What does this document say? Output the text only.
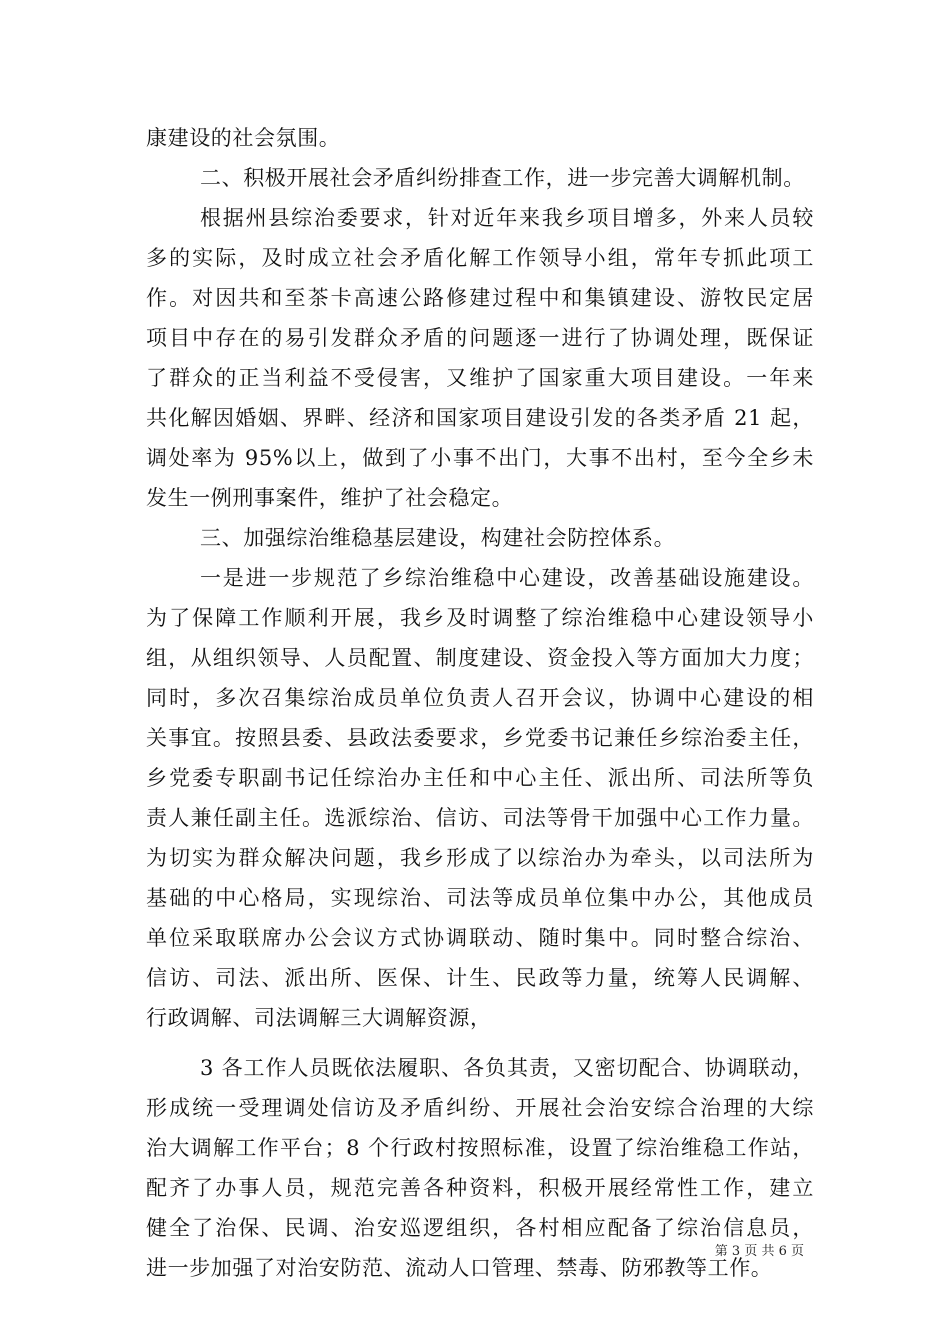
康建设的社会氛围。
二、积极开展社会矛盾纠纷排查工作，进一步完善大调解机制。
根据州县综治委要求，针对近年来我乡项目增多，外来人员较
多的实际，及时成立社会矛盾化解工作领导小组，常年专抓此项工
作。对因共和至茶卡高速公路修建过程中和集镇建设、游牧民定居
项目中存在的易引发群众矛盾的问题逐一进行了协调处理，既保证
了群众的正当利益不受侵害，又维护了国家重大项目建设。一年来
共化解因婚姻、界畔、经济和国家项目建设引发的各类矛盾 21 起，
调处率为 95%以上，做到了小事不出门，大事不出村，至今全乡未
发生一例刑事案件，维护了社会稳定。
三、加强综治维稳基层建设，构建社会防控体系。
一是进一步规范了乡综治维稳中心建设，改善基础设施建设。
为了保障工作顺利开展，我乡及时调整了综治维稳中心建设领导小
组，从组织领导、人员配置、制度建设、资金投入等方面加大力度；
同时，多次召集综治成员单位负责人召开会议，协调中心建设的相
关事宜。按照县委、县政法委要求，乡党委书记兼任乡综治委主任，
乡党委专职副书记任综治办主任和中心主任、派出所、司法所等负
责人兼任副主任。选派综治、信访、司法等骨干加强中心工作力量。
为切实为群众解决问题，我乡形成了以综治办为牵头，以司法所为
基础的中心格局，实现综治、司法等成员单位集中办公，其他成员
单位采取联席办公会议方式协调联动、随时集中。同时整合综治、
信访、司法、派出所、医保、计生、民政等力量，统筹人民调解、
行政调解、司法调解三大调解资源，
3 各工作人员既依法履职、各负其责，又密切配合、协调联动，
形成统一受理调处信访及矛盾纠纷、开展社会治安综合治理的大综
治大调解工作平台；8 个行政村按照标准，设置了综治维稳工作站，
配齐了办事人员，规范完善各种资料，积极开展经常性工作，建立
健全了治保、民调、治安巡逻组织，各村相应配备了综治信息员，
进一步加强了对治安防范、流动人口管理、禁毒、防邪教等工作。
第 3 页 共 6 页
